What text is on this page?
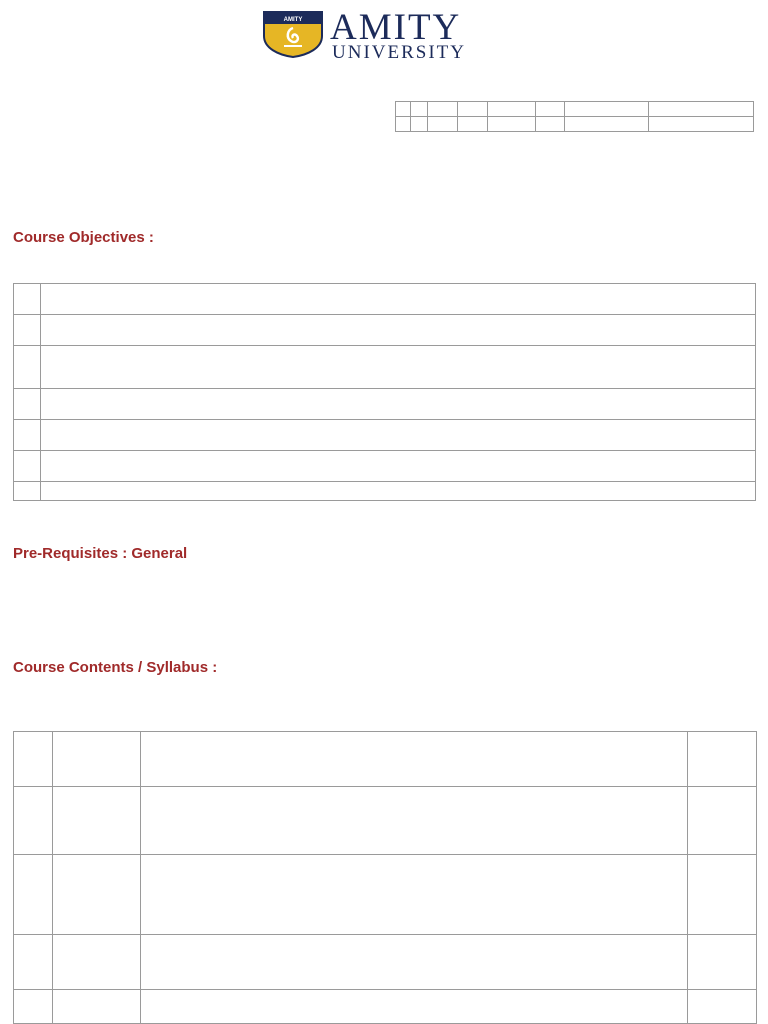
AMITY AMITY
UNIVERSITY

Course Objectives :

Pre-Requisites : General
Course Contents / Syllabus :
